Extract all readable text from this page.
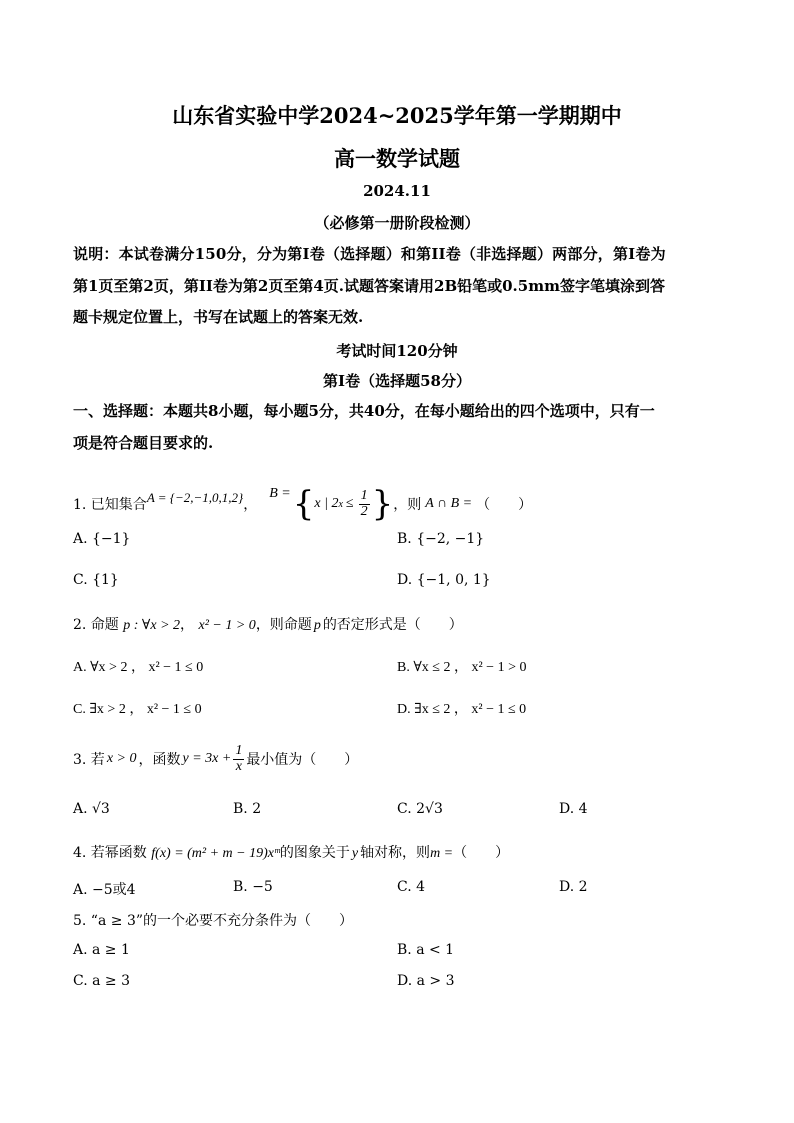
山东省实验中学2024~2025学年第一学期期中
高一数学试题
2024.11
（必修第一册阶段检测）
说明：本试卷满分150分，分为第I卷（选择题）和第II卷（非选择题）两部分，第I卷为
第1页至第2页，第II卷为第2页至第4页.试题答案请用2B铅笔或0.5mm签字笔填涂到答
题卡规定位置上，书写在试题上的答案无效.
考试时间120分钟
第I卷（选择题58分）
一、选择题：本题共8小题，每小题5分，共40分，在每小题给出的四个选项中，只有一
项是符合题目要求的.
1. 已知集合 A = {−2,−1,0,1,2} ，
B = { x | 2 $x \le \frac{1}{2}$ } ，则 A ∩ B = （　　）
A. {−1}	B. {−2, −1}
C. {1}	D. {−1, 0, 1}
2. 命题 p : ∀x > 2， x² − 1 > 0，则命题 p 的否定形式是（　　）
A. ∀x > 2 ， x² − 1 ≤ 0	B. ∀x ≤ 2 ， x² − 1 > 0
C. ∃x > 2 ， x² − 1 ≤ 0	D. ∃x ≤ 2 ， x² − 1 ≤ 0
3. 若 x > 0 ，函数 $y = 3x + \frac{1}{x}$ 最小值为（　　）
A. √3	B. 2	C. 2√3	D. 4
4. 若幂函数 f(x) = (m² + m − 19)xᵐ的图象关于 y 轴对称，则m =（　　）
A. −5或4	B. −5	C. 4	D. 2
5. “a ≥ 3”的一个必要不充分条件为（　　）
A. a ≥ 1	B. a < 1
C. a ≥ 3	D. a > 3
